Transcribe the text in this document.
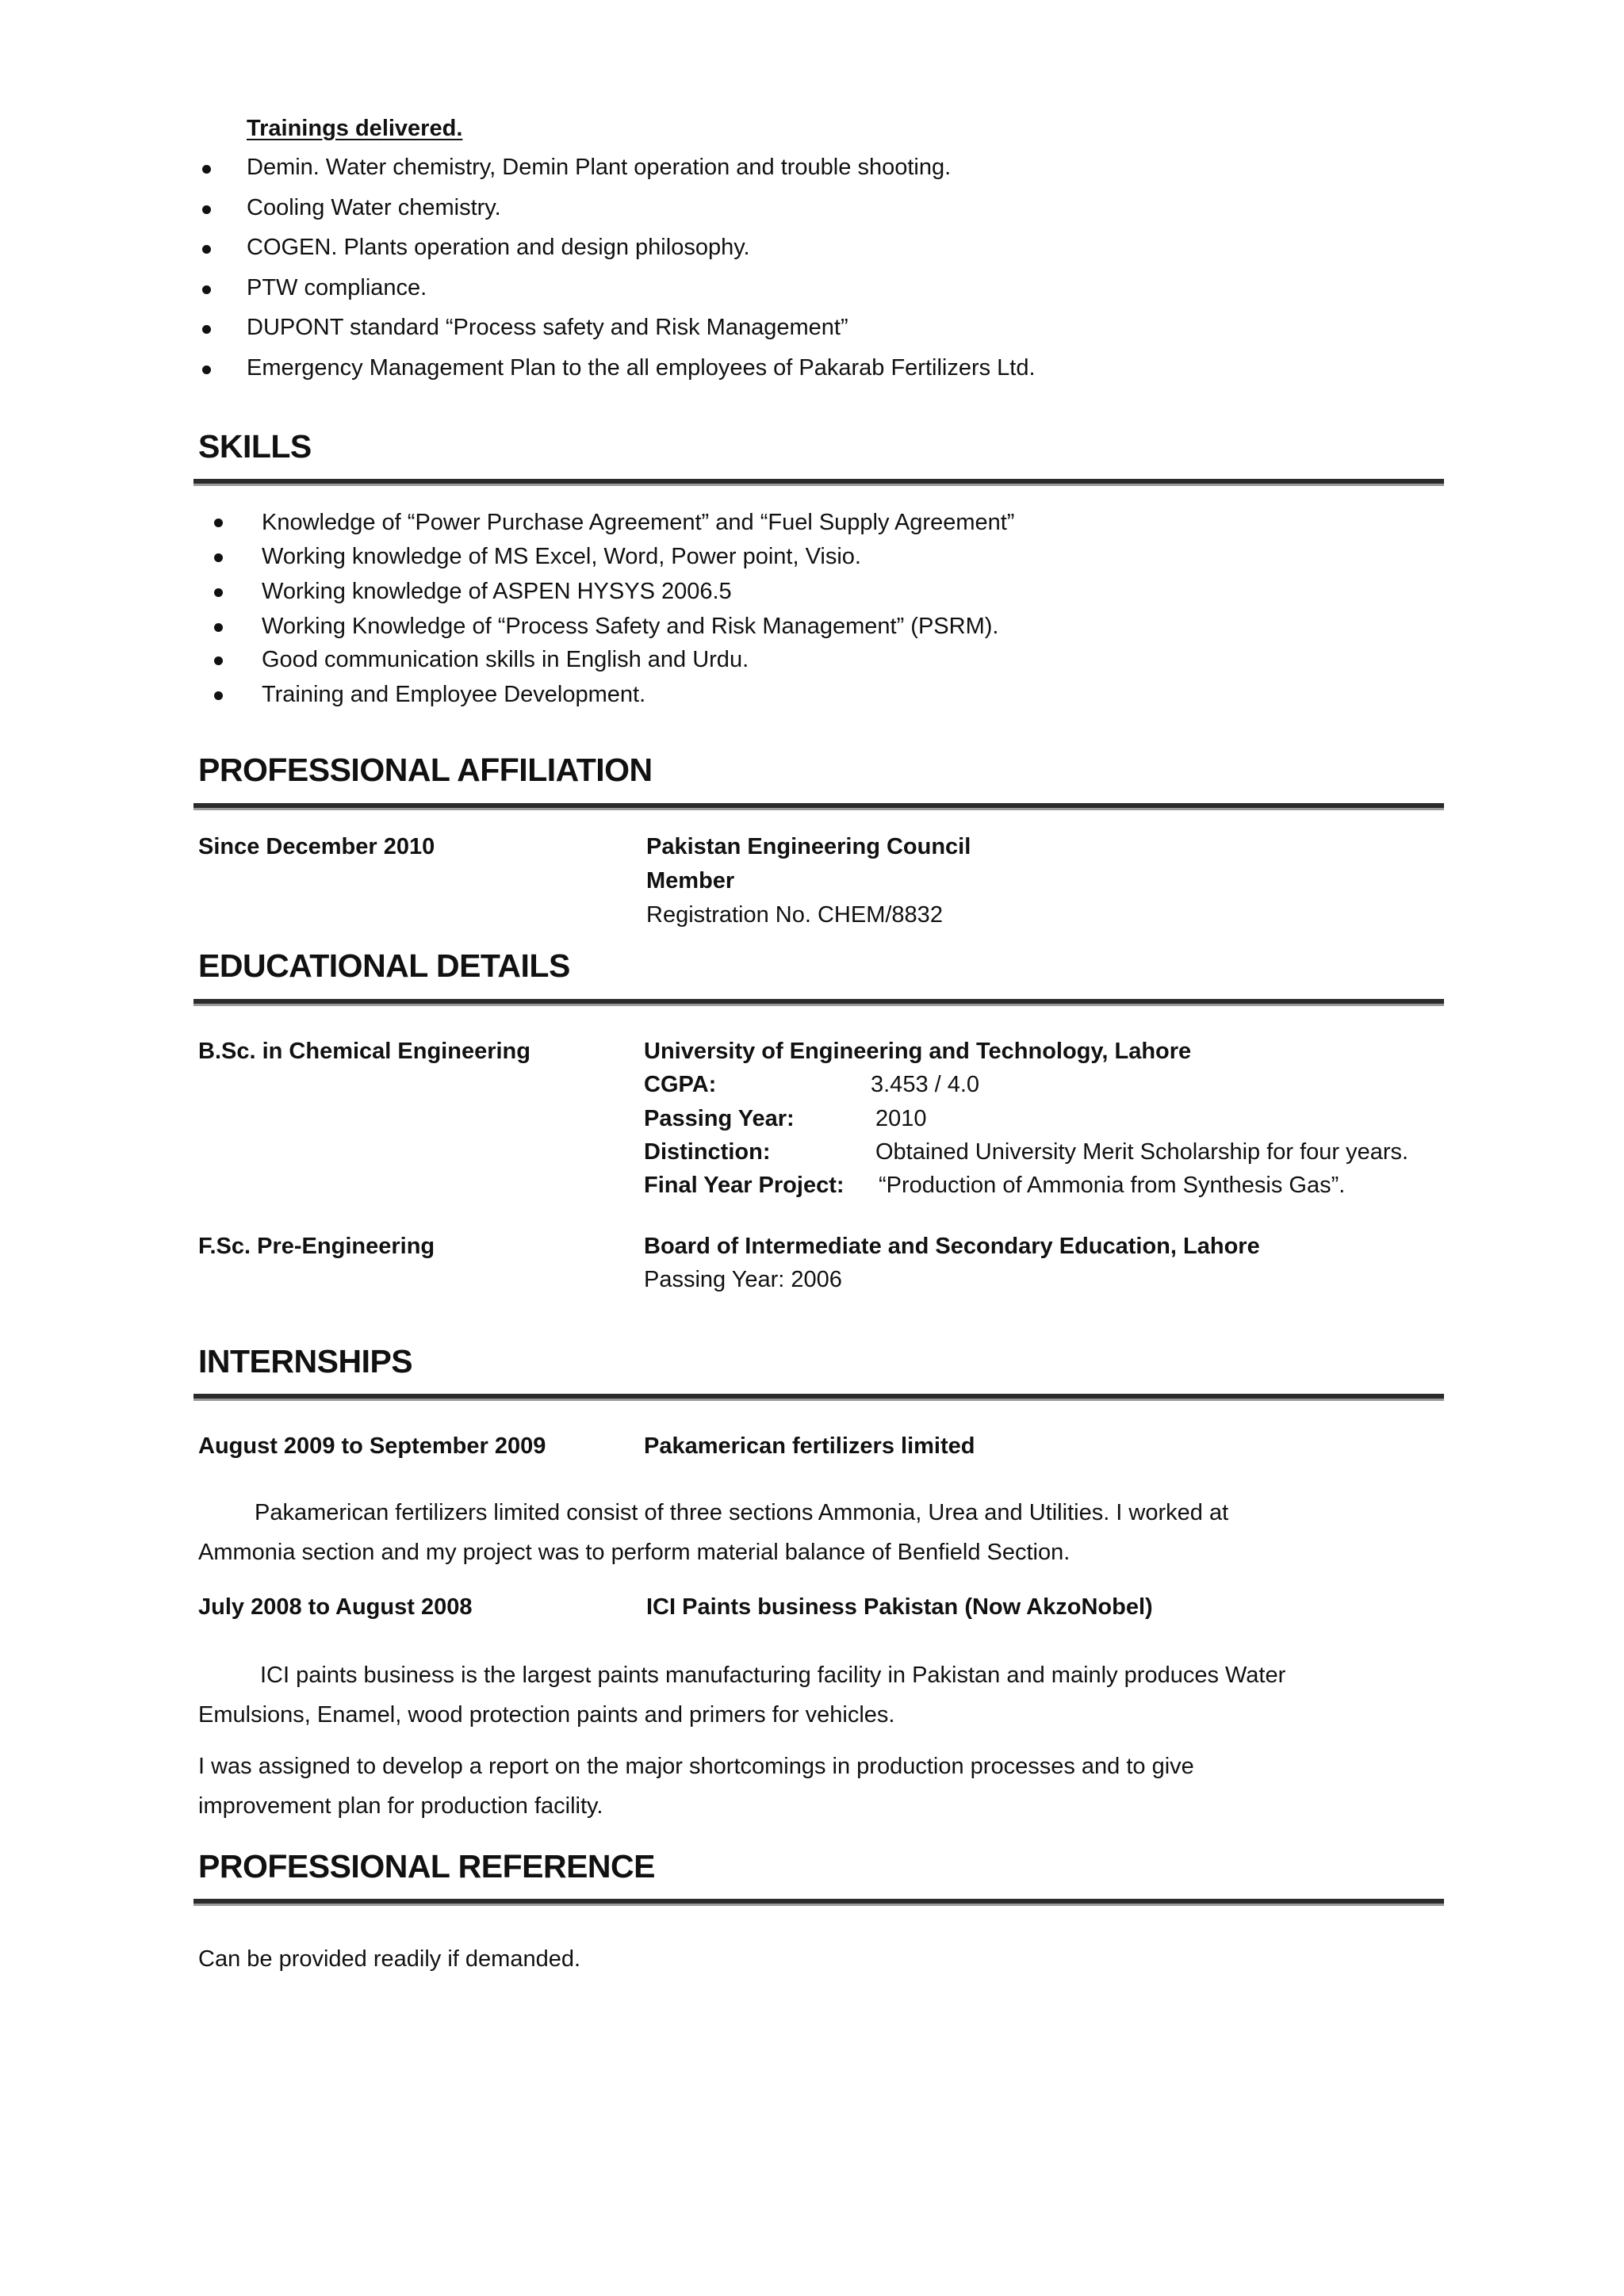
Trainings delivered.
Demin. Water chemistry, Demin Plant operation and trouble shooting.
Cooling Water chemistry.
COGEN. Plants operation and design philosophy.
PTW compliance.
DUPONT standard “Process safety and Risk Management”
Emergency Management Plan to the all employees of Pakarab Fertilizers Ltd.
SKILLS
Knowledge of “Power Purchase Agreement” and “Fuel Supply Agreement”
Working knowledge of MS Excel, Word, Power point, Visio.
Working knowledge of ASPEN HYSYS 2006.5
Working Knowledge of “Process Safety and Risk Management” (PSRM).
Good communication skills in English and Urdu.
Training and Employee Development.
PROFESSIONAL AFFILIATION
Since December 2010	Pakistan Engineering Council
Member
Registration No. CHEM/8832
EDUCATIONAL DETAILS
B.Sc. in Chemical Engineering	University of Engineering and Technology, Lahore
CGPA:	3.453 / 4.0
Passing Year:	2010
Distinction:	Obtained University Merit Scholarship for four years.
Final Year Project: “Production of Ammonia from Synthesis Gas”.
F.Sc. Pre-Engineering	Board of Intermediate and Secondary Education, Lahore
Passing Year: 2006
INTERNSHIPS
August 2009 to September 2009	Pakamerican fertilizers limited
Pakamerican fertilizers limited consist of three sections Ammonia, Urea and Utilities. I worked at
Ammonia section and my project was to perform material balance of Benfield Section.
July 2008 to August 2008	ICI Paints business Pakistan (Now AkzoNobel)
ICI paints business is the largest paints manufacturing facility in Pakistan and mainly produces Water
Emulsions, Enamel, wood protection paints and primers for vehicles.
I was assigned to develop a report on the major shortcomings in production processes and to give
improvement plan for production facility.
PROFESSIONAL REFERENCE
Can be provided readily if demanded.
